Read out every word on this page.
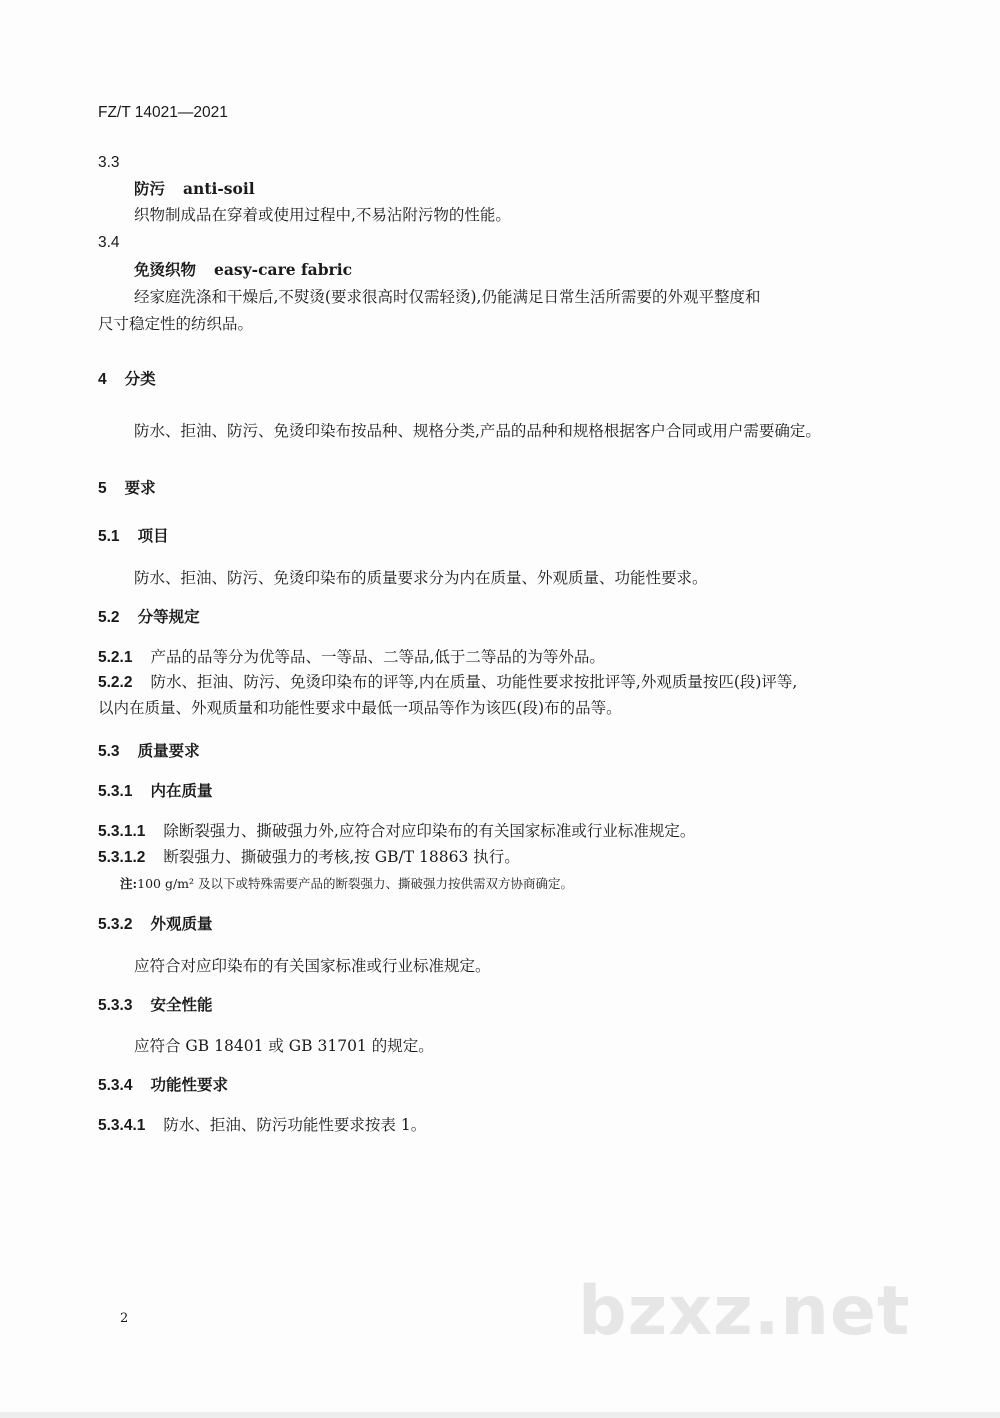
FZ/T 14021—2021
3.3
防污 anti-soil
织物制成品在穿着或使用过程中,不易沾附污物的性能。
3.4
免烫织物 easy-care fabric
经家庭洗涤和干燥后,不熨烫(要求很高时仅需轻烫),仍能满足日常生活所需要的外观平整度和
尺寸稳定性的纺织品。
4 分类
防水、拒油、防污、免烫印染布按品种、规格分类,产品的品种和规格根据客户合同或用户需要确定。
5 要求
5.1 项目
防水、拒油、防污、免烫印染布的质量要求分为内在质量、外观质量、功能性要求。
5.2 分等规定
5.2.1 产品的品等分为优等品、一等品、二等品,低于二等品的为等外品。
5.2.2 防水、拒油、防污、免烫印染布的评等,内在质量、功能性要求按批评等,外观质量按匹(段)评等,
以内在质量、外观质量和功能性要求中最低一项品等作为该匹(段)布的品等。
5.3 质量要求
5.3.1 内在质量
5.3.1.1 除断裂强力、撕破强力外,应符合对应印染布的有关国家标准或行业标准规定。
5.3.1.2 断裂强力、撕破强力的考核,按 GB/T 18863 执行。
注:100 g/m² 及以下或特殊需要产品的断裂强力、撕破强力按供需双方协商确定。
5.3.2 外观质量
应符合对应印染布的有关国家标准或行业标准规定。
5.3.3 安全性能
应符合 GB 18401 或 GB 31701 的规定。
5.3.4 功能性要求
5.3.4.1 防水、拒油、防污功能性要求按表 1。
2	bzxz.net
